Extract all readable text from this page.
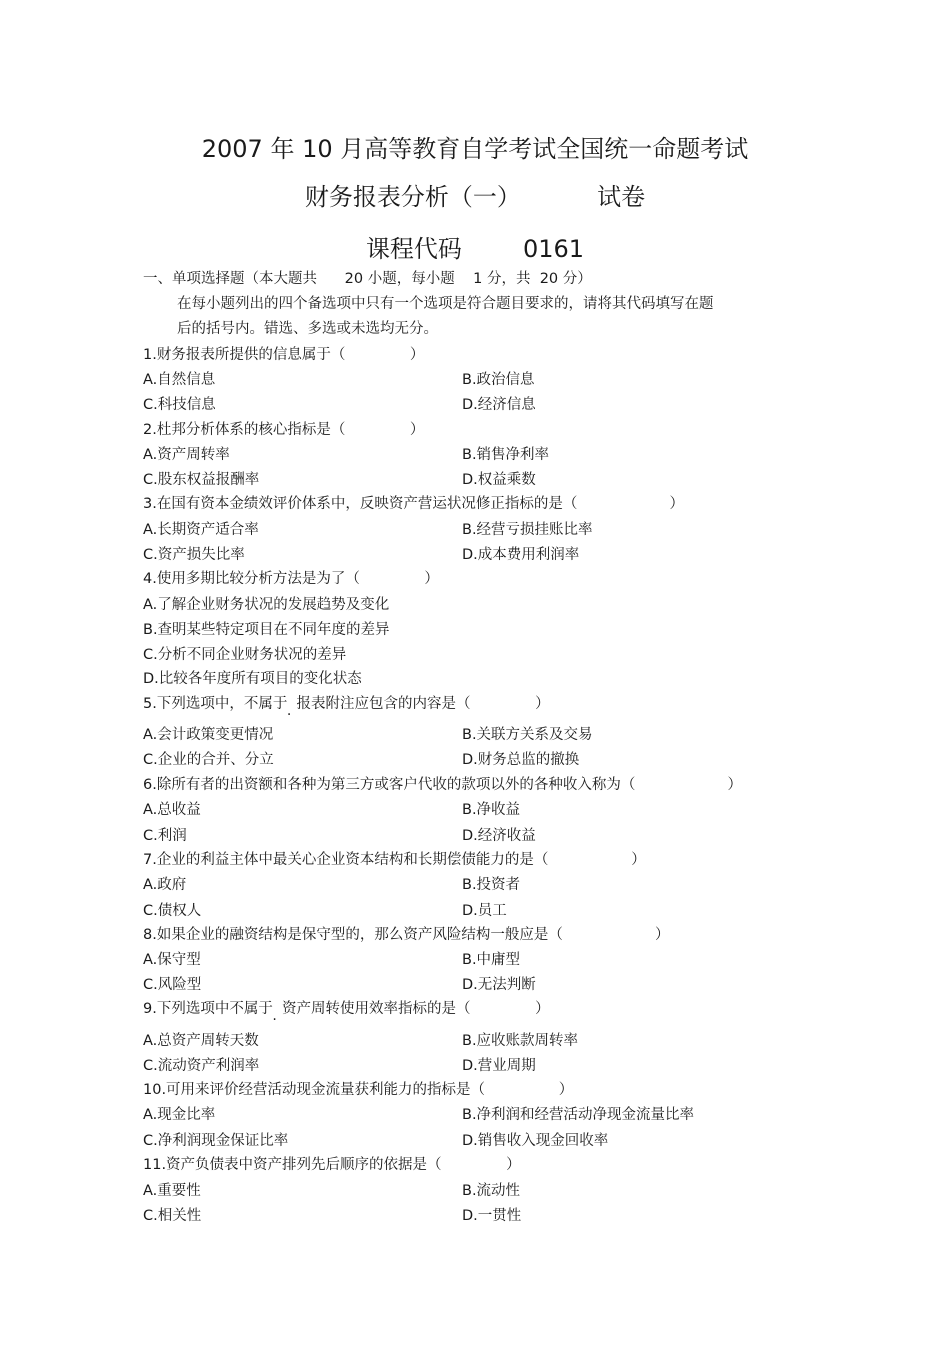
2007 年 10 月高等教育自学考试全国统一命题考试
财务报表分析（一）          试卷
课程代码        0161
一、单项选择题（本大题共      20 小题，每小题    1 分，共  20 分）
在每小题列出的四个备选项中只有一个选项是符合题目要求的，请将其代码填写在题
后的括号内。错选、多选或未选均无分。
1.财务报表所提供的信息属于（              ）
A.自然信息	B.政治信息
C.科技信息	D.经济信息
2.杜邦分析体系的核心指标是（              ）
A.资产周转率	B.销售净利率
C.股东权益报酬率	D.权益乘数
3.在国有资本金绩效评价体系中，反映资产营运状况修正指标的是（                    ）
A.长期资产适合率	B.经营亏损挂账比率
C.资产损失比率	D.成本费用利润率
4.使用多期比较分析方法是为了（              ）
A.了解企业财务状况的发展趋势及变化
B.查明某些特定项目在不同年度的差异
C.分析不同企业财务状况的差异
D.比较各年度所有项目的变化状态
5.下列选项中，不属于 .  报表附注应包含的内容是（              ）
A.会计政策变更情况	B.关联方关系及交易
C.企业的合并、分立	D.财务总监的撤换
6.除所有者的出资额和各种为第三方或客户代收的款项以外的各种收入称为（                    ）
A.总收益	B.净收益
C.利润	D.经济收益
7.企业的利益主体中最关心企业资本结构和长期偿债能力的是（                  ）
A.政府	B.投资者
C.债权人	D.员工
8.如果企业的融资结构是保守型的，那么资产风险结构一般应是（                    ）
A.保守型	B.中庸型
C.风险型	D.无法判断
9.下列选项中不属于 .  资产周转使用效率指标的是（              ）
A.总资产周转天数	B.应收账款周转率
C.流动资产利润率	D.营业周期
10.可用来评价经营活动现金流量获利能力的指标是（                ）
A.现金比率	B.净利润和经营活动净现金流量比率
C.净利润现金保证比率	D.销售收入现金回收率
11.资产负债表中资产排列先后顺序的依据是（              ）
A.重要性	B.流动性
C.相关性	D.一贯性
